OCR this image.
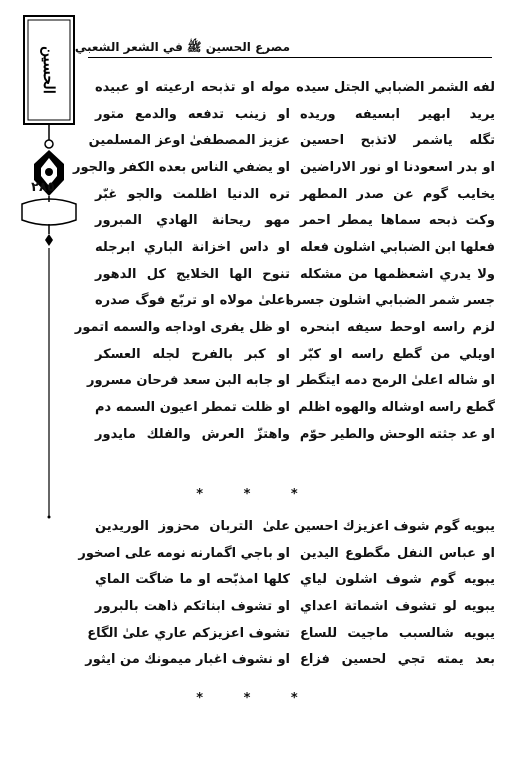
الحسين
٢٨٥
مصرع الحسين ﷺ في الشعر الشعبي
لفه الشمر الضبابي الجتل سيده
موله او تذبحه ارعيته او عبيده
يريد ابهير ابسيفه وريده
او زينب تدفعه والدمع متور
تگله ياشمر لاتذبح احسين
عزيز المصطفىٰ اوعز المسلمين
او بدر اسعودنا او نور الاراضين
او يضفي الناس بعده الكفر والجور
يخايب گوم عن صدر المطهر
تره الدنيا اظلمت والجو غبّر
وكت ذبحه سماها يمطر احمر
مهو ريحانة الهادي المبرور
فعلها ابن الضبابي اشلون فعله
او داس اخزانة الباري ابرجله
ولا يدري اشعظمها من مشكله
تنوح الها الخلايج كل الدهور
جسر شمر الضبابي اشلون جسره
اعلىٰ مولاه او تربّع فوگ صدره
لزم راسه اوحط سيفه ابنحره
او ظل يفرى اوداجه والسمه اتمور
اويلي من گطع راسه او كبّر
او كبر بالفرح لجله العسكر
او شاله اعلىٰ الرمح دمه ايتگطر
او جابه البن سعد فرحان مسرور
گطع راسه اوشاله والهوه اظلم
او ظلت تمطر اعيون السمه دم
او عد جثته الوحش والطير حوّم
واهتزّ العرش والفلك مايدور
* * *
يبويه گوم شوف اعزيزك احسين
علىٰ التربان محزوز الوريدين
او عباس النفل مگطوع اليدين
او باجي اگمارنه نومه على اصخور
يبويه گوم شوف اشلون لياي
كلها امذبّحه او ما ضاگت الماي
يبويه لو تشوف اشماتة اعداي
او تشوف ابناتكم ذاهت بالبرور
يبويه شالسبب ماجيت للساع
تشوف اعزيزكم عاري علىٰ الگاع
بعد يمته تجي لحسين فزاع
او نشوف اغبار ميمونك من ايثور
* * *
